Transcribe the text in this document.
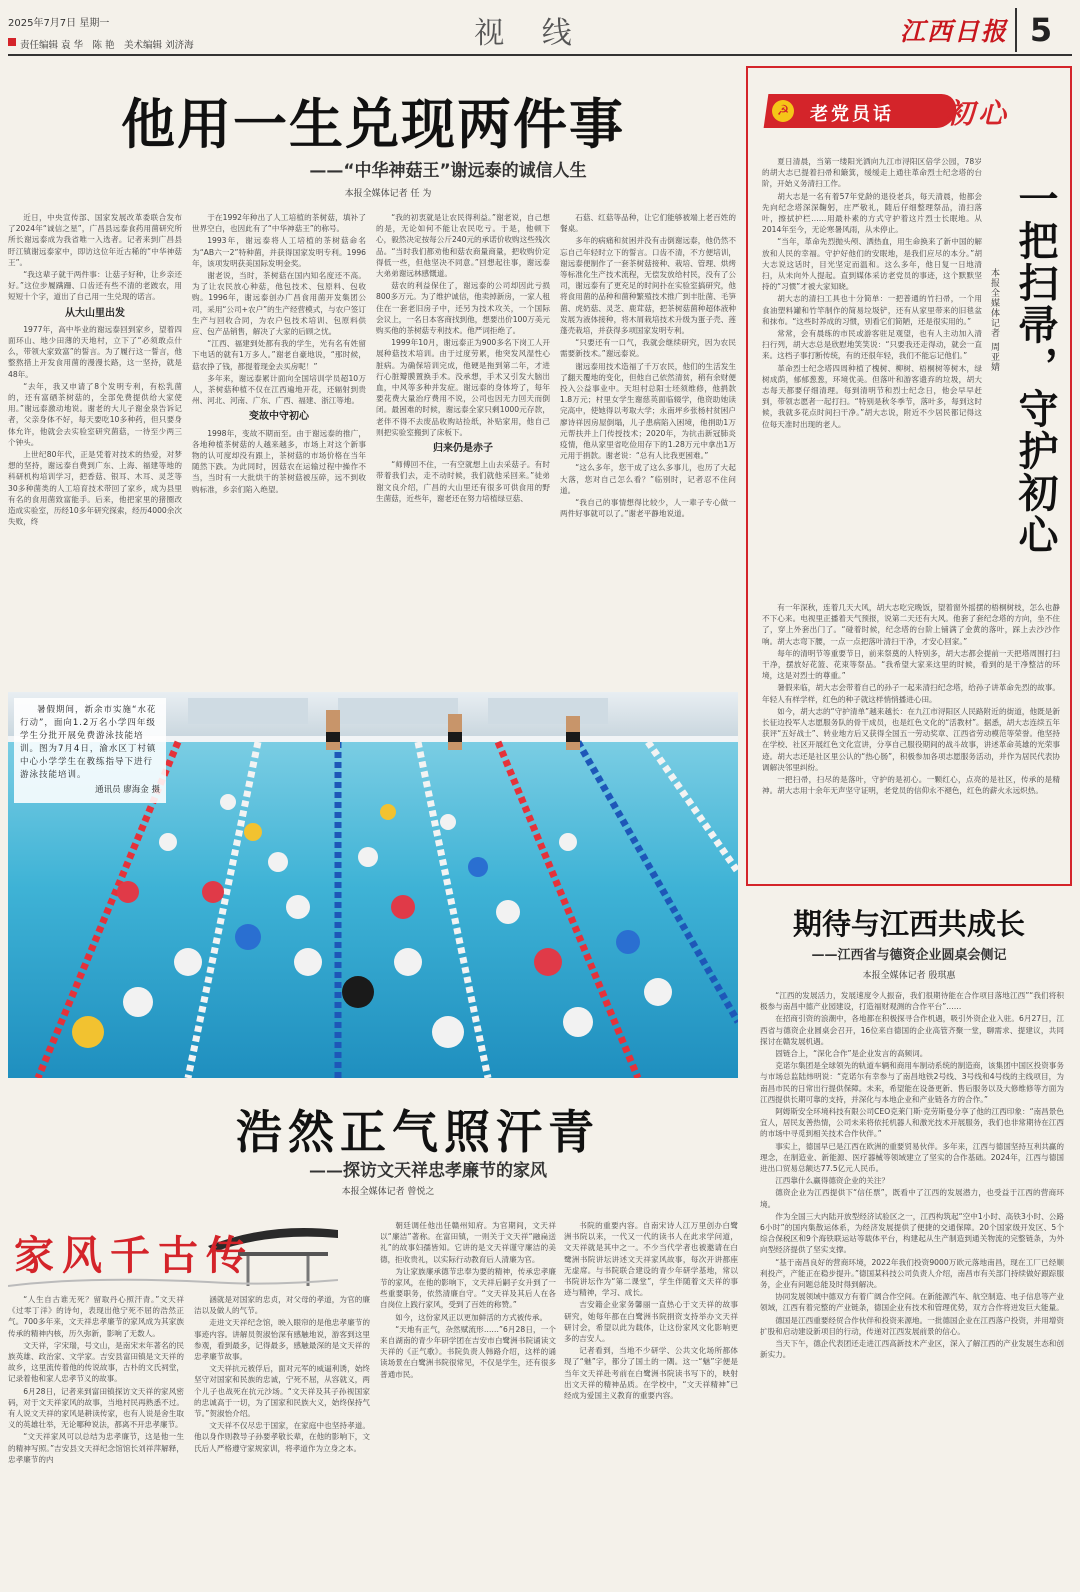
2025年7月7日 星期一
责任编辑 袁 华　陈 艳　美术编辑 刘济海	视 线	江西日报 5
他用一生兑现两件事
——“中华神菇王”谢远泰的诚信人生
本报全媒体记者 任 为

近日，中央宣传部、国家发展改革委联合发布了2024年“诚信之星”，广昌县远泰食药用菌研究所所长谢远泰成为我省唯一入选者。记者来到广昌县盱江镇谢远泰家中，即访这位年近古稀的“中华神菇王”。

“我这辈子就干两件事：让菇子好种，让乡亲还好。”这位步履蹒跚、口齿还有些不清的老跛农，用短短十个字，道出了自己用一生兑现的诺言。

从大山里出发

1977年，高中毕业的谢远泰回到家乡，望着四面环山、地少田薄的天地村，立下了“必须敢点什么，带领大家致富”的誓言。为了履行这一誓言，他整熬措上开发食用菌的漫漫长路，这一坚持，就是48年。

“去年，我又申请了8个发明专利，有松乳菌的，还有富硒茶树菇的，全部免费提供给大家使用。”谢远泰激动地说。谢老的大儿子谢金泉告诉记者，父亲身体不好，每天要吃10多种药，但只要身体允许，他就会去实验室研究菌菇，一待至少两三个钟头。

上世纪80年代，正是凭着对技术的热爱，对梦想的坚持，谢远泰自费到广东、上海、福建等地的科研机构培训学习，把香菇、银耳、木耳、灵芝等30多种菌类的人工培育技术带回了家乡，成为县里有名的食用菌致富能手。后来，他把家里的猪圈改造成实验室，历经10多年研究探索，经历4000余次失败，终

于在1992年种出了人工培植的茶树菇，填补了世界空白，也因此有了“中华神菇王”的称号。

1993年，谢远泰将人工培植的茶树菇命名为“AB六一2”特种菌，并获得国家发明专利。1996年，该项发明获美国际发明金奖。

谢老说，当时，茶树菇在国内知名度还不高。为了让农民放心种菇，他包技术、包原料、包收购。1996年，谢远泰创办广昌食用菌开发集团公司，采用“公司+农户”的生产经营模式，与农户签订生产与回收合同，为农户包技术培训、包原料供应、包产品销售，解决了大家的后顾之忧。

“江西、福建到处都有我的学生，光有名有姓留下电话的就有1万多人。”谢老自豪地说，“那时候，菇农挣了钱，都提着现金去买房呢！”

多年来，谢远泰累计面向全国培训学员超10万人，茶树菇种植不仅在江西遍地开花，还辐射到贵州、河北、河南、广东、广西、福建、浙江等地。

变故中守初心

1998年，变故不期而至。由于谢远泰的推广，各地种植茶树菇的人越来越多，市场上对这个新事物的认可度却没有跟上，茶树菇的市场价格在当年随然下跌。为此同时，因菇农在运输过程中操作不当，当时有一大批烘干的茶树菇被压碎，远不到收购标准，乡亲们陷入绝望。

“我的初衷就是让农民得利益。”谢老说，自己想的是，无论如何不能让农民吃亏。于是，他顿下心，毅然决定按每公斤240元的承诺价收购这些残次品。“当时我们都劝他和菇农商量商量，把收购价定得低一些，但他坚决不同意。”回想起往事，谢远泰大弟弟谢远林感慨道。

菇农的利益保住了，谢远泰的公司却因此亏损800多万元。为了维护诚信，他卖掉新房，一家人租住在一套老旧房子中，还另为技术攻关，一个国际会议上，一名日本客商找到他，想要出价100万美元购买他的茶树菇专利技术。他严词拒绝了。

1999年10月，谢远泰正为900多名下岗工人开展种菇技术培训。由于过度劳累，他突发风湿性心脏病。为确保培训完成，他硬是拖到第二年，才进行心脏瓣膜置换手术。没承想，手术又引发大脑出血，中风等多种并发症。谢远泰的身体垮了，每年要花费大量治疗费用不说，公司也因无力回天而倒闭。最困难的时候，谢远泰全家只剩1000元存款，老伴不得不去废品收购站捡纸，补贴家用，他自己则把实验室搬到了床板下。

归来仍是赤子

“师傅回不住，一有空就想上山去采菇子。有时带着我们去，走不动时候，我们就他采回来。”徒弟谢文良介绍，广昌的大山里还有很多可供食用的野生菌菇，近些年，谢老还在努力培植绿豆菇、

石菇、红菇等品种，让它们能够被端上老百姓的餐桌。

多年的病痛和贫困并没有击倒谢远泰，他仍然不忘自己年轻时立下的誓言。口齿不清，不方便培训，谢远泰便制作了一套茶树菇接种、栽培、管理、烘烤等标准化生产技术流程，无偿发放给村民，没有了公司，谢远泰有了更充足的时间扑在实验室搞研究，他将食用菌的品种和菌种繁殖技术推广到丰肚菌、毛笋菌、虎奶菇、灵芝、鹿茸菇，把茶树菇菌种超体液种发展为液体接种，将木屑栽培技术升级为蛋子壳、莲蓬壳栽培，并获得多项国家发明专利。

“只要还有一口气，我就会继续研究，因为农民需要新技术。”谢远泰说。

谢远泰用技术造福了千万农民，他们的生活发生了翻天覆地的变化，但他自己依然清贫，稍有余财便投入公益事业中。天坦村总阳士坯须维修，他捐款1.8万元；村里女学生谢慈英面临辍学，他资助她读完高中，使她得以考取大学；永南坪乡张杨村贫困户廖诗祥因房屋倒塌，儿子患病陷入困境，他捐助1万元帮扶并上门传授技术；2020年，为抗击新冠肺炎疫情，他从家里省吃俭用存下的1.28万元中拿出1万元用于捐款。谢老说：“总有人比我更困难。”

“这么多年，您干成了这么多事儿，也历了大起大落，您对自己怎么看？”临别时，记者忍不住问道。

“我自己的事情想得比较少，人一辈子专心做一两件好事就可以了。”谢老平静地说道。

暑假期间，新余市实施“水花行动”，面向1.2万名小学四年级学生分批开展免费游泳技能培训。图为7月4日，渝水区丁村镇中心小学学生在教练指导下进行游泳技能培训。
通讯员 廖海金 摄
☭ 老党员话 初心
一把扫帚，守护初心
本报全媒体记者 周亚婧

夏日清晨，当第一缕阳光洒向九江市浔阳区倍学公园，78岁的胡大志已提着扫帚和簸箕，缓缓走上通往革命烈士纪念塔的台阶，开始义务清扫工作。

胡大志是一名有着57年党龄的退役老兵，每天清晨，他都会先向纪念塔深深鞠躬，庄严敬礼，随后仔细整理祭品，清扫落叶，擦拭护栏……用最朴素的方式守护着这片烈士长眠地。从2014年至今，无论寒暑风雨，从未停止。

“当年，革命先烈抛头颅、洒热血，用生命换来了新中国的解放和人民的幸福。守护好他们的安眠地，是我们应尽的本分。”胡大志说这话时，目光坚定而温和。这么多年，他日复一日地清扫，从未向外人提起。直到媒体采访老党员的事迹，这个默默坚持的“习惯”才被大家知晓。

胡大志的清扫工具也十分简单：一把普通的竹扫帚，一个用食油塑料罐和竹竿制作的简易垃圾铲，还有从家里带来的旧毯盆和抹布。“这些时养成的习惯，别看它们简陋，还是很实用的。”

常常，会有晨练的市民或游客驻足观望，也有人主动加入清扫行列，胡大志总是欣慰地笑笑说：“只要我还走得动，就会一直来。这档子事打断传统，有的还很年轻，我们不能忘记他们。”

革命烈士纪念塔四周种植了槐树、柳树、梧桐树等树木，绿树成荫，郁郁葱葱，环境优美。但落叶和游客遗弃的垃圾，胡大志每天都要仔细清理。每到清明节和烈士纪念日，他会早早赶到，带领志愿者一起打扫。“特别是秋冬季节，落叶多，每到这时候，我就多花点时间扫干净。”胡大志说，附近不少居民都记得这位每天准时出现的老人。

有一年深秋，连着几天大风，胡大志吃完晚饭，望着窗外摇摆的梧桐树枝，怎么也静不下心来。电视里正播着天气预报，说第二天还有大风。他套了套纪念塔的方向，坐不住了，穿上外套出门了。“碰着时候，纪念塔的台阶上铺满了金黄的落叶，踩上去沙沙作响。胡大志弯下腰，一点一点把落叶清扫干净，才安心回家。”

每年的清明节等重要节日，前来祭奠的人特别多，胡大志都会提前一天把塔周围打扫干净，摆放好花篮、花束等祭品。“我希望大家来这里的时候，看到的是干净整洁的环境，这是对烈士的尊重。”

暑假来临，胡大志会带着自己的孙子一起来清扫纪念塔，给孙子讲革命先烈的故事。年轻人有样学样，红色的种子就这样悄悄播进心田。

如今，胡大志的“守护清单”越来越长：在九江市浔阳区人民路附近的街道，他既是新长征边投军人志愿服务队的骨干成员，也是红色文化的“活教材”。据悉，胡大志连续五年获评“五好战士”、转业地方后又获得全国五一劳动奖章、江西省劳动模范等荣誉。他坚持在学校、社区开展红色文化宣讲，分享自己服役期间的战斗故事，讲述革命英雄的光荣事迹。胡大志还是社区里公认的“热心肠”，积极参加各项志愿服务活动，并作为居民代表协调解决邻里纠纷。

一把扫帚，扫尽的是落叶，守护的是初心。一颗红心，点亮的是社区，传承的是精神。胡大志用十余年无声坚守证明，老党员的信仰永不褪色，红色的薪火永远炽热。

期待与江西共成长
——江西省与德资企业圆桌会侧记
本报全媒体记者 殷琪惠

“江西的发展活力，发展速度令人振奋，我们很期待能在合作项目落地江西”“我们将积极参与南昌中德产业园建设，打造福财观测的合作平台”……

在招商引资的浪潮中，各地都在积极探寻合作机遇，吸引外资企业入驻。6月27日，江西省与德资企业圆桌会召开，16位来自德国的企业高管齐聚一堂，聊需求、提建议，共同探讨在赣发展机遇。

固链合上，“深化合作”是企业发言的高频词。

克诺尔集团是全球领先的轨道车辆和商用车制动系统的制造商，该集团中国区投资事务与市场总监陆炜明说：“克诺尔有幸参与了南昌地铁2号线、3号线和4号线的主线项目，为南昌市民的日常出行提供保障。未来，希望能在设备更新、售后服务以及大修维修等方面为江西提供长期可靠的支持，并深化与本地企业和产业链各方的合作。”

阿姆斯安全环境科技有限公司CEO克莱门斯·克劳斯曼分享了他的江西印象：“南昌景色宜人，居民友善热情，公司未来将依托机器人和激光技术开展服务，我们也非常期待在江西的市场中寻觅到相关技术合作伙伴。”

事实上，德国早已是江西在欧洲的重要贸易伙伴。多年来，江西与德国坚持互利共赢的理念，在制造业、新能源、医疗器械等领域建立了坚实的合作基础。2024年，江西与德国进出口贸易总额达77.5亿元人民币。

江西靠什么赢得德资企业的关注？

德资企业为江西提供下“信任票”，既看中了江西的发展潜力，也受益于江西的营商环境。

作为全国三大内陆开放型经济试验区之一，江西构筑起“空中1小时、高铁3小时、公路6小时”的国内集散运体系，为经济发展提供了便捷的交通保障。20个国家级开发区、5个综合保税区和9个海铁联运站等载体平台，构建起从生产制造到通关物流的完整链条，为外向型经济提供了坚实支撑。

“基于南昌良好的营商环境，2022年我们投资9000万欧元落地南昌，现在工厂已经顺利投产，产能正在稳步提升。”德国某科技公司负责人介绍，南昌市有关部门持续做好跟踪服务，企业有问题总能及时得到解决。

协同发展领域中德双方有着广阔合作空间。在新能源汽车、航空制造、电子信息等产业领域，江西有着完整的产业链条，德国企业有技术和管理优势，双方合作将迸发巨大能量。

德国是江西重要经贸合作伙伴和投资来源地。一批德国企业在江西落户投资，并用增资扩股和启动建设新项目的行动，传递对江西发展前景的信心。

当天下午，德企代表团还走进江西高新技术产业区，深入了解江西的产业发展生态和创新实力。

浩然正气照汗青
——探访文天祥忠孝廉节的家风
本报全媒体记者 曾悦之
家风千古传

“人生自古谁无死？留取丹心照汗青。”文天祥《过零丁洋》的诗句，表现出他宁死不屈的浩然正气。700多年来，文天祥忠孝廉节的家风成为其家族传承的精神内核，历久弥新，影响了无数人。

文天祥，字宋瑞，号文山，是南宋末年著名的民族英雄、政治家、文学家。吉安县富田镇是文天祥的故乡，这里流传着他的传说故事，古朴的文氏祠堂，记录着他和家人忠孝节义的故事。

6月28日，记者来到富田镇探访文天祥的家风密码，对于文天祥家风的故事，当地村民再熟悉不过。有人说文天祥的家风是耕读传家，也有人说是舍生取义的英雄壮举，无论哪种说法，都离不开忠孝廉节。

“文天祥家风可以总结为忠孝廉节，这是他一生的精神写照。”吉安县文天祥纪念馆馆长刘祥萍解释，忠孝廉节的内

涵就是对国家的忠贞，对父母的孝道，为官的廉洁以及做人的气节。

走进文天祥纪念馆，映入眼帘的是他忠孝廉节的事迹内容。讲解员贺淑怡深有感触地说，游客到这里参观，看到最多，记得最多，感触最深的是文天祥的忠孝廉节故事。

文天祥抗元被俘后，面对元军的威逼利诱，始终坚守对国家和民族的忠诚，宁死不屈，从容就义，两个儿子也战死在抗元沙场。“文天祥及其子孙视国家的忠诚高于一切，为了国家和民族大义，始终保持气节。”贺淑怡介绍。

文天祥不仅尽忠于国家，在家庭中也坚持孝道。他以身作则教导子孙要孝敬长辈，在他的影响下，文氏后人严格遵守家规家训，将孝道作为立身之本。

朝廷调任他出任赣州知府。为官期间，文天祥以“廉洁”著称。在富田镇，一则关于文天祥“融扁送礼”的故事妇孺皆知。它讲的是文天祥谨守廉洁的美德，拒收贵礼，以实际行动教育后人清廉为官。

为让家族廉承德节忠奉为要的精神，传承忠孝廉节的家风，在他的影响下，文天祥后嗣子女升到了一些重要职务，依然清廉自守。“文天祥及其后人在各自岗位上践行家风，受到了百姓的称赞。”

如今，这份家风正以更加鲜活的方式被传承。

“天地有正气，杂然赋流形……”6月28日，一个来自湖南的青少年研学团在吉安市白鹭洲书院诵读文天祥的《正气歌》。书院负责人韩路介绍，这样的诵读场景在白鹭洲书院很常见，不仅是学生，还有很多普通市民。

书院的重要内容。自南宋诗人江万里创办白鹭洲书院以来，一代又一代的读书人在此求学问道，文天祥就是其中之一。不少当代学者也被邀请在白鹭洲书院讲坛讲述文天祥家风故事，每次开讲都座无虚席。与书院联合建设的青少年研学基地，常以书院讲坛作为“第二课堂”，学生伴随着文天祥的事迹与精神，学习、成长。

吉安籍企业家务馨丽一直热心于文天祥的故事研究，她每年都在白鹭洲书院捐资支持举办文天祥研讨会，希望以此为载体，让这份家风文化影响更多的吉安人。

记者看到，当地不少研学、公共文化场所都体现了“魅”字，都分了国土的一隅。这一“魅”字便是当年文天祥赴考前在白鹭洲书院读书写下的，映射出文天祥的精神品质。在学校中，“文天祥精神”已经成为爱国主义教育的重要内容。
